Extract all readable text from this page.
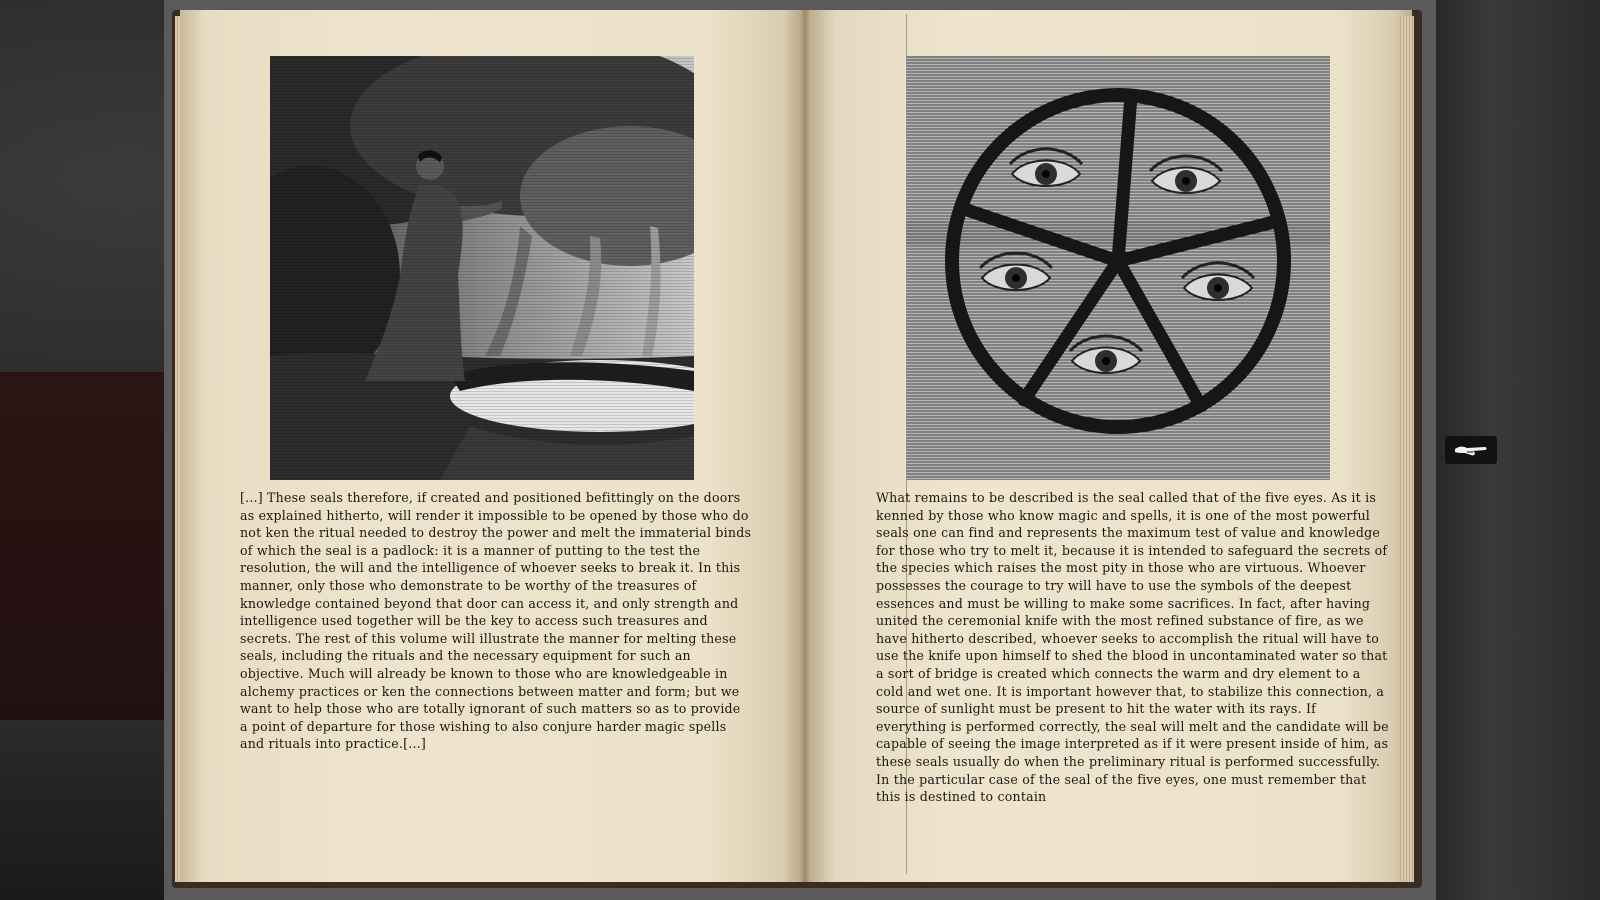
[...] These seals therefore, if created and positioned befittingly on the doors as explained hitherto, will render it impossible to be opened by those who do not ken the ritual needed to destroy the power and melt the immaterial binds of which the seal is a padlock: it is a manner of putting to the test the resolution, the will and the intelligence of whoever seeks to break it. In this manner, only those who demonstrate to be worthy of the treasures of knowledge contained beyond that door can access it, and only strength and intelligence used together will be the key to access such treasures and secrets. The rest of this volume will illustrate the manner for melting these seals, including the rituals and the necessary equipment for such an objective. Much will already be known to those who are knowledgeable in alchemy practices or ken the connections between matter and form; but we want to help those who are totally ignorant of such matters so as to provide a point of departure for those wishing to also conjure harder magic spells and rituals into practice.[...]

What remains to be described is the seal called that of the five eyes. As it is kenned by those who know magic and spells, it is one of the most powerful seals one can find and represents the maximum test of value and knowledge for those who try to melt it, because it is intended to safeguard the secrets of the species which raises the most pity in those who are virtuous. Whoever possesses the courage to try will have to use the symbols of the deepest essences and must be willing to make some sacrifices. In fact, after having united the ceremonial knife with the most refined substance of fire, as we have hitherto described, whoever seeks to accomplish the ritual will have to use the knife upon himself to shed the blood in uncontaminated water so that a sort of bridge is created which connects the warm and dry element to a cold and wet one. It is important however that, to stabilize this connection, a source of sunlight must be present to hit the water with its rays. If everything is performed correctly, the seal will melt and the candidate will be capable of seeing the image interpreted as if it were present inside of him, as these seals usually do when the preliminary ritual is performed successfully. In the particular case of the seal of the five eyes, one must remember that this is destined to contain
